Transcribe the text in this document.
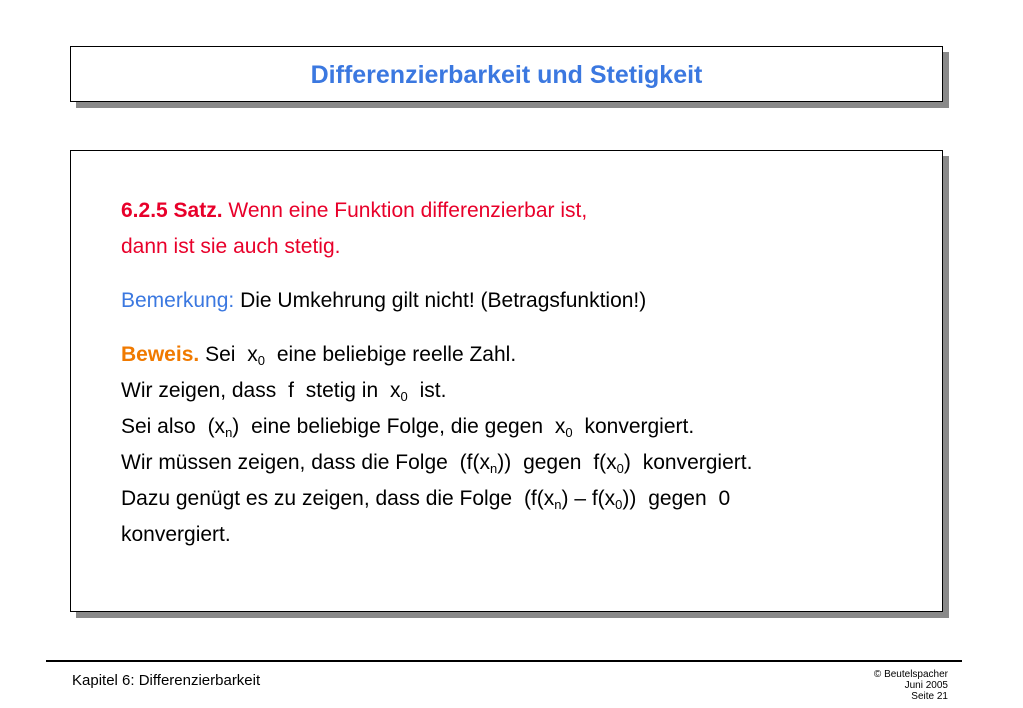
Differenzierbarkeit und Stetigkeit
6.2.5 Satz. Wenn eine Funktion differenzierbar ist,
dann ist sie auch stetig.
Bemerkung: Die Umkehrung gilt nicht! (Betragsfunktion!)
Beweis. Sei $x_0$ eine beliebige reelle Zahl.
Wir zeigen, dass f stetig in $x_0$ ist.
Sei also $(x_n)$ eine beliebige Folge, die gegen $x_0$ konvergiert.
Wir müssen zeigen, dass die Folge $(f(x_n))$ gegen $f(x_0)$ konvergiert.
Dazu genügt es zu zeigen, dass die Folge $(f(x_n) - f(x_0))$ gegen 0
konvergiert.
Kapitel 6: Differenzierbarkeit	© Beutelspacher
Juni 2005
Seite 21
